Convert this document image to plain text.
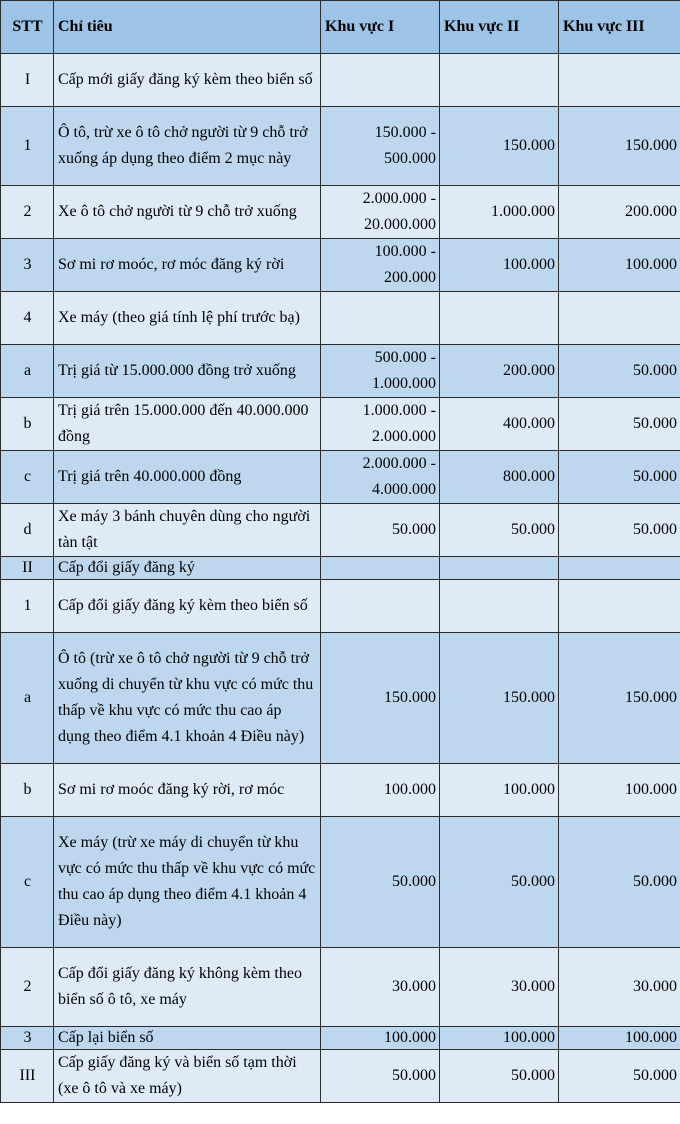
STT	Chỉ tiêu	Khu vực I	Khu vực II	Khu vực III
I	Cấp mới giấy đăng ký kèm theo biển số			
1	Ô tô, trừ xe ô tô chở người từ 9 chỗ trở xuống áp dụng theo điểm 2 mục này	150.000 - 500.000	150.000	150.000
2	Xe ô tô chở người từ 9 chỗ trở xuống	2.000.000 - 20.000.000	1.000.000	200.000
3	Sơ mi rơ moóc, rơ móc đăng ký rời	100.000 - 200.000	100.000	100.000
4	Xe máy (theo giá tính lệ phí trước bạ)			
a	Trị giá từ 15.000.000 đồng trở xuống	500.000 - 1.000.000	200.000	50.000
b	Trị giá trên 15.000.000 đến 40.000.000 đồng	1.000.000 - 2.000.000	400.000	50.000
c	Trị giá trên 40.000.000 đồng	2.000.000 - 4.000.000	800.000	50.000
d	Xe máy 3 bánh chuyên dùng cho người tàn tật	50.000	50.000	50.000
II	Cấp đổi giấy đăng ký			
1	Cấp đổi giấy đăng ký kèm theo biển số			
a	Ô tô (trừ xe ô tô chở người từ 9 chỗ trở xuống di chuyển từ khu vực có mức thu thấp về khu vực có mức thu cao áp dụng theo điểm 4.1 khoản 4 Điều này)	150.000	150.000	150.000
b	Sơ mi rơ moóc đăng ký rời, rơ móc	100.000	100.000	100.000
c	Xe máy (trừ xe máy di chuyển từ khu vực có mức thu thấp về khu vực có mức thu cao áp dụng theo điểm 4.1 khoản 4 Điều này)	50.000	50.000	50.000
2	Cấp đổi giấy đăng ký không kèm theo biển số ô tô, xe máy	30.000	30.000	30.000
3	Cấp lại biển số	100.000	100.000	100.000
III	Cấp giấy đăng ký và biển số tạm thời (xe ô tô và xe máy)	50.000	50.000	50.000
